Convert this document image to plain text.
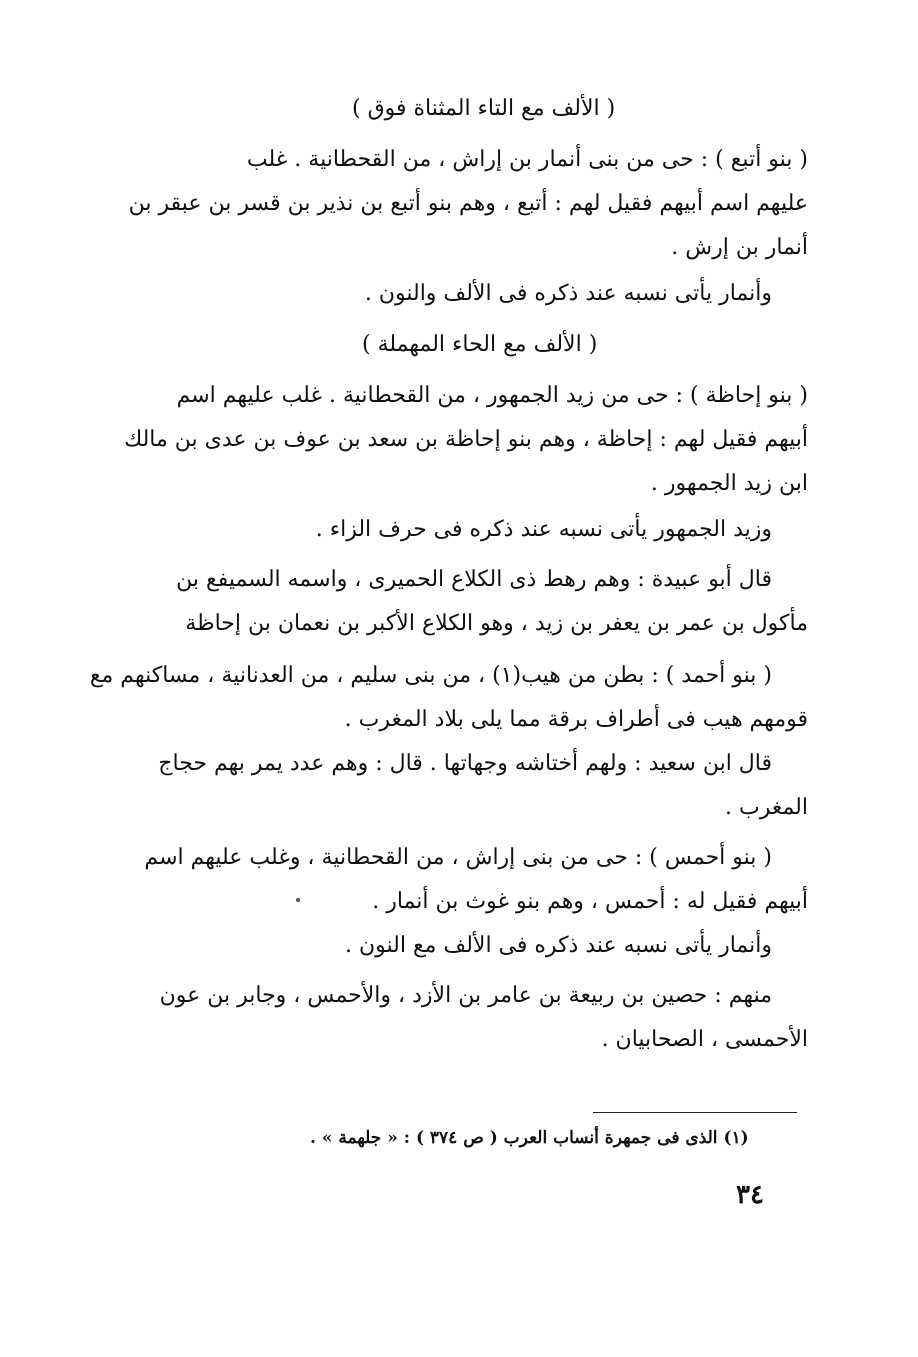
( الألف مع التاء المثناة فوق )
( بنو أتبع ) : حى من بنى أنمار بن إراش ، من القحطانية . غلب
عليهم اسم أبيهم فقيل لهم : أتبع ، وهم بنو أتبع بن نذير بن قسر بن عبقر بن
أنمار بن إرش .
وأنمار يأتى نسبه عند ذكره فى الألف والنون .
( الألف مع الحاء المهملة )
( بنو إحاظة ) : حى من زيد الجمهور ، من القحطانية . غلب عليهم اسم
أبيهم فقيل لهم : إحاظة ، وهم بنو إحاظة بن سعد بن عوف بن عدى بن مالك
ابن زيد الجمهور .
وزيد الجمهور يأتى نسبه عند ذكره فى حرف الزاء .
قال أبو عبيدة : وهم رهط ذى الكلاع الحميرى ، واسمه السميفع بن
مأكول بن عمر بن يعفر بن زيد ، وهو الكلاع الأكبر بن نعمان بن إحاظة
( بنو أحمد ) : بطن من هيب(١) ، من بنى سليم ، من العدنانية ، مساكنهم مع
قومهم هيب فى أطراف برقة مما يلى بلاد المغرب .
قال ابن سعيد : ولهم أختاشه وجهاتها . قال : وهم عدد يمر بهم حجاج
المغرب .
( بنو أحمس ) : حى من بنى إراش ، من القحطانية ، وغلب عليهم اسم
أبيهم فقيل له : أحمس ، وهم بنو غوث بن أنمار .
وأنمار يأتى نسبه عند ذكره فى الألف مع النون .
منهم : حصين بن ربيعة بن عامر بن الأزد ، والأحمس ، وجابر بن عون
الأحمسى ، الصحابيان .
(١) الذى فى جمهرة أنساب العرب ( ص ٣٧٤ ) : « جلهمة » .
٣٤
